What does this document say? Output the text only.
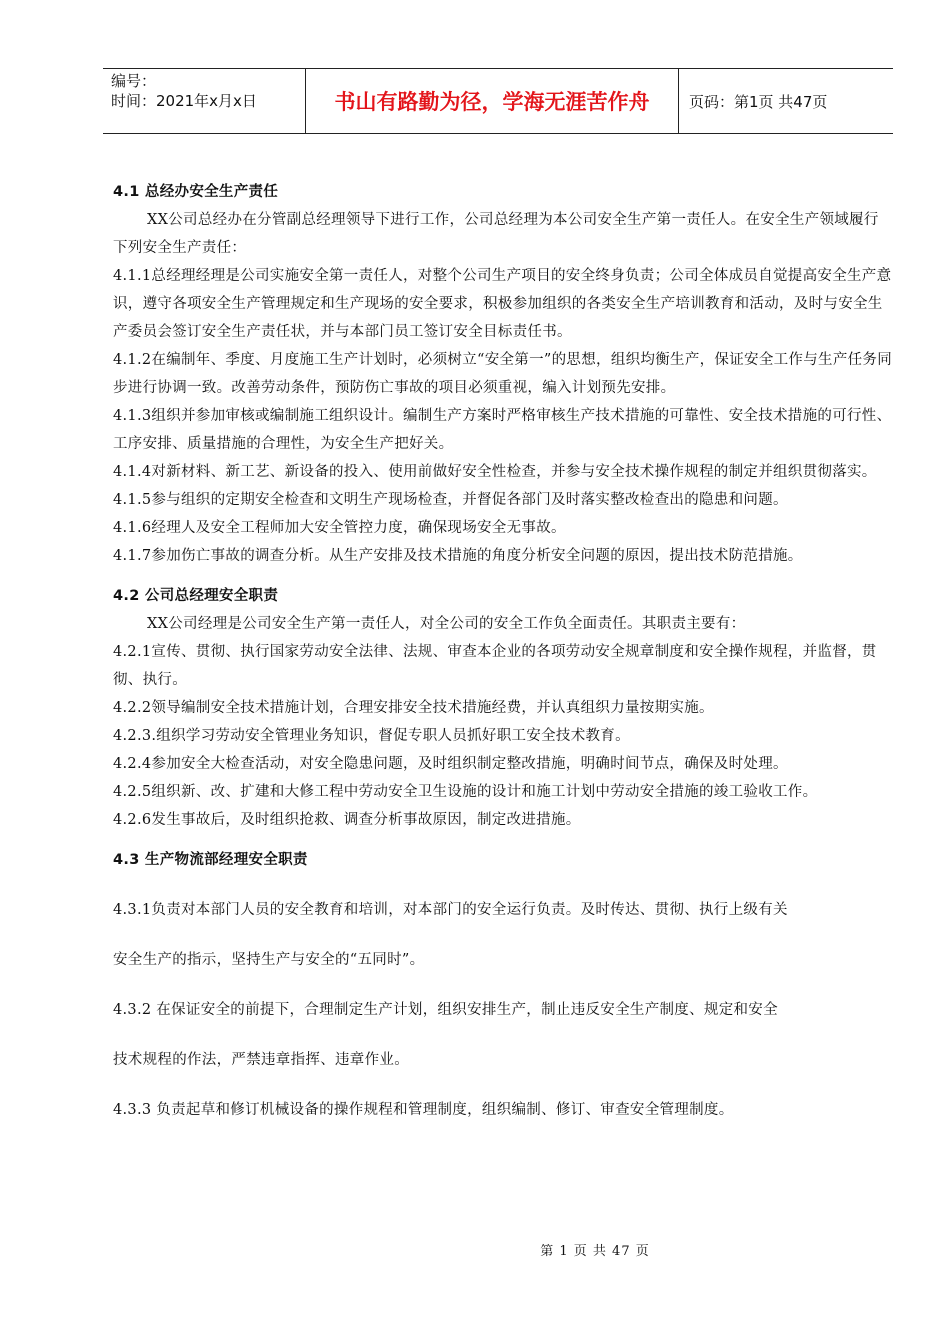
编号：
时间：2021年x月x日	书山有路勤为径，学海无涯苦作舟	页码：第1页 共47页

4.1 总经办安全生产责任

XX公司总经办在分管副总经理领导下进行工作，公司总经理为本公司安全生产第一责任人。在安全生产领域履行下列安全生产责任：

4.1.1总经理经理是公司实施安全第一责任人，对整个公司生产项目的安全终身负责；公司全体成员自觉提高安全生产意识，遵守各项安全生产管理规定和生产现场的安全要求，积极参加组织的各类安全生产培训教育和活动，及时与安全生产委员会签订安全生产责任状，并与本部门员工签订安全目标责任书。

4.1.2在编制年、季度、月度施工生产计划时，必须树立“安全第一”的思想，组织均衡生产，保证安全工作与生产任务同步进行协调一致。改善劳动条件，预防伤亡事故的项目必须重视，编入计划预先安排。

4.1.3组织并参加审核或编制施工组织设计。编制生产方案时严格审核生产技术措施的可靠性、安全技术措施的可行性、工序安排、质量措施的合理性，为安全生产把好关。

4.1.4对新材料、新工艺、新设备的投入、使用前做好安全性检查，并参与安全技术操作规程的制定并组织贯彻落实。

4.1.5参与组织的定期安全检查和文明生产现场检查，并督促各部门及时落实整改检查出的隐患和问题。

4.1.6经理人及安全工程师加大安全管控力度，确保现场安全无事故。

4.1.7参加伤亡事故的调查分析。从生产安排及技术措施的角度分析安全问题的原因，提出技术防范措施。

4.2 公司总经理安全职责

XX公司经理是公司安全生产第一责任人，对全公司的安全工作负全面责任。其职责主要有：

4.2.1宣传、贯彻、执行国家劳动安全法律、法规、审查本企业的各项劳动安全规章制度和安全操作规程，并监督，贯彻、执行。

4.2.2领导编制安全技术措施计划，合理安排安全技术措施经费，并认真组织力量按期实施。

4.2.3.组织学习劳动安全管理业务知识，督促专职人员抓好职工安全技术教育。

4.2.4参加安全大检查活动，对安全隐患问题，及时组织制定整改措施，明确时间节点，确保及时处理。

4.2.5组织新、改、扩建和大修工程中劳动安全卫生设施的设计和施工计划中劳动安全措施的竣工验收工作。

4.2.6发生事故后，及时组织抢救、调查分析事故原因，制定改进措施。

4.3 生产物流部经理安全职责

4.3.1负责对本部门人员的安全教育和培训，对本部门的安全运行负责。及时传达、贯彻、执行上级有关

安全生产的指示，坚持生产与安全的“五同时”。

4.3.2 在保证安全的前提下，合理制定生产计划，组织安排生产，制止违反安全生产制度、规定和安全

技术规程的作法，严禁违章指挥、违章作业。

4.3.3 负责起草和修订机械设备的操作规程和管理制度，组织编制、修订、审查安全管理制度。

第 1 页 共 47 页
